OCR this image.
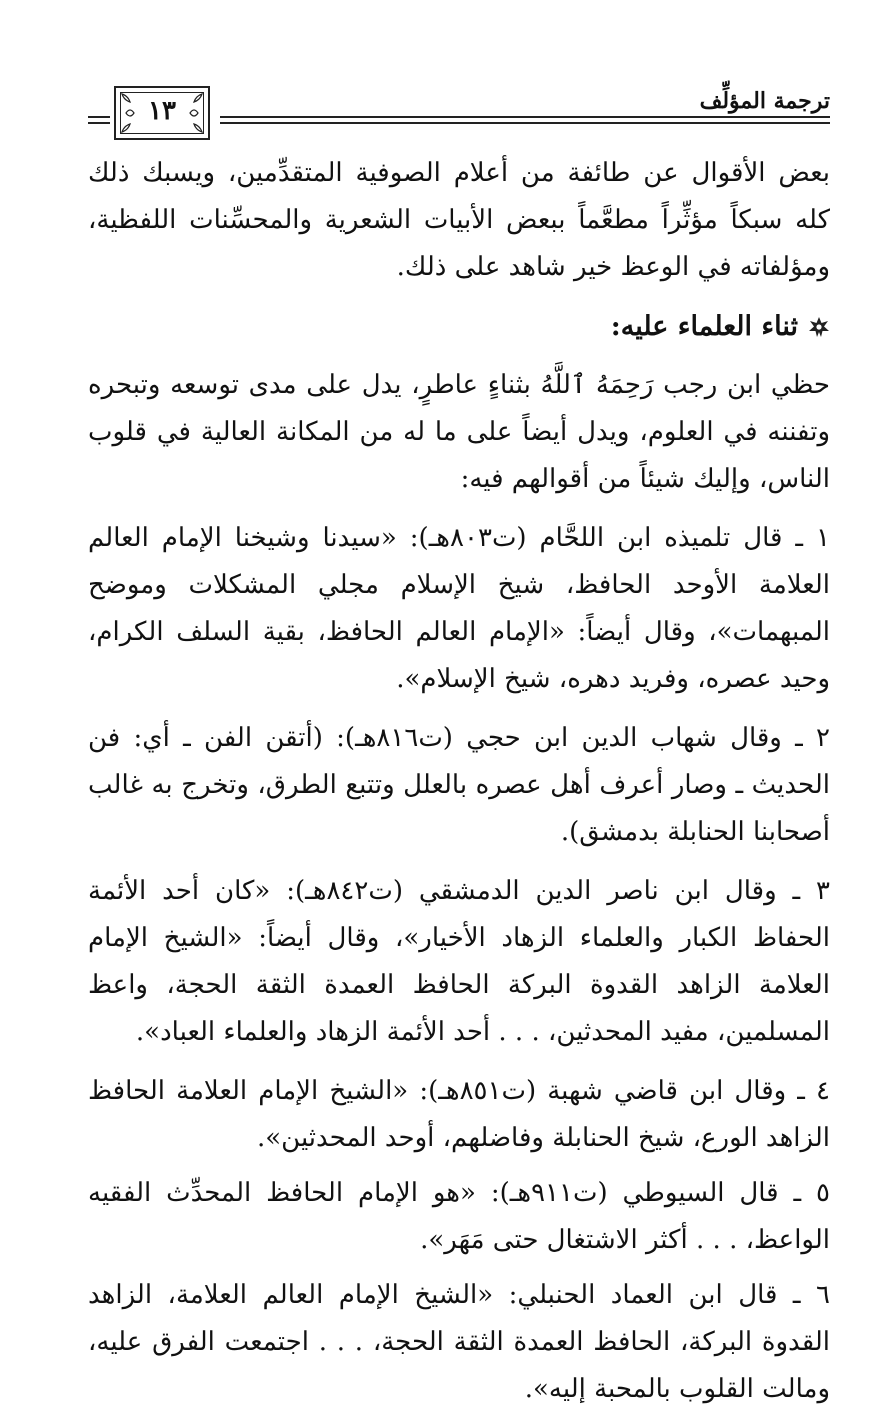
ترجمة المؤلِّف
١٣

بعض الأقوال عن طائفة من أعلام الصوفية المتقدِّمين، ويسبك ذلك كله سبكاً مؤثِّراً مطعَّماً ببعض الأبيات الشعرية والمحسِّنات اللفظية، ومؤلفاته في الوعظ خير شاهد على ذلك.

ثناء العلماء عليه:

حظي ابن رجب رَحِمَهُ ٱللَّهُ بثناءٍ عاطرٍ، يدل على مدى توسعه وتبحره وتفننه في العلوم، ويدل أيضاً على ما له من المكانة العالية في قلوب الناس، وإليك شيئاً من أقوالهم فيه:

١ ـ قال تلميذه ابن اللحَّام (ت٨٠٣هـ): «سيدنا وشيخنا الإمام العالم العلامة الأوحد الحافظ، شيخ الإسلام مجلي المشكلات وموضح المبهمات»، وقال أيضاً: «الإمام العالم الحافظ، بقية السلف الكرام، وحيد عصره، وفريد دهره، شيخ الإسلام».

٢ ـ وقال شهاب الدين ابن حجي (ت٨١٦هـ): (أتقن الفن ـ أي: فن الحديث ـ وصار أعرف أهل عصره بالعلل وتتبع الطرق، وتخرج به غالب أصحابنا الحنابلة بدمشق).

٣ ـ وقال ابن ناصر الدين الدمشقي (ت٨٤٢هـ): «كان أحد الأئمة الحفاظ الكبار والعلماء الزهاد الأخيار»، وقال أيضاً: «الشيخ الإمام العلامة الزاهد القدوة البركة الحافظ العمدة الثقة الحجة، واعظ المسلمين، مفيد المحدثين، . . . أحد الأئمة الزهاد والعلماء العباد».

٤ ـ وقال ابن قاضي شهبة (ت٨٥١هـ): «الشيخ الإمام العلامة الحافظ الزاهد الورع، شيخ الحنابلة وفاضلهم، أوحد المحدثين».

٥ ـ قال السيوطي (ت٩١١هـ): «هو الإمام الحافظ المحدِّث الفقيه الواعظ، . . . أكثر الاشتغال حتى مَهَر».

٦ ـ قال ابن العماد الحنبلي: «الشيخ الإمام العالم العلامة، الزاهد القدوة البركة، الحافظ العمدة الثقة الحجة، . . . اجتمعت الفرق عليه، ومالت القلوب بالمحبة إليه».
